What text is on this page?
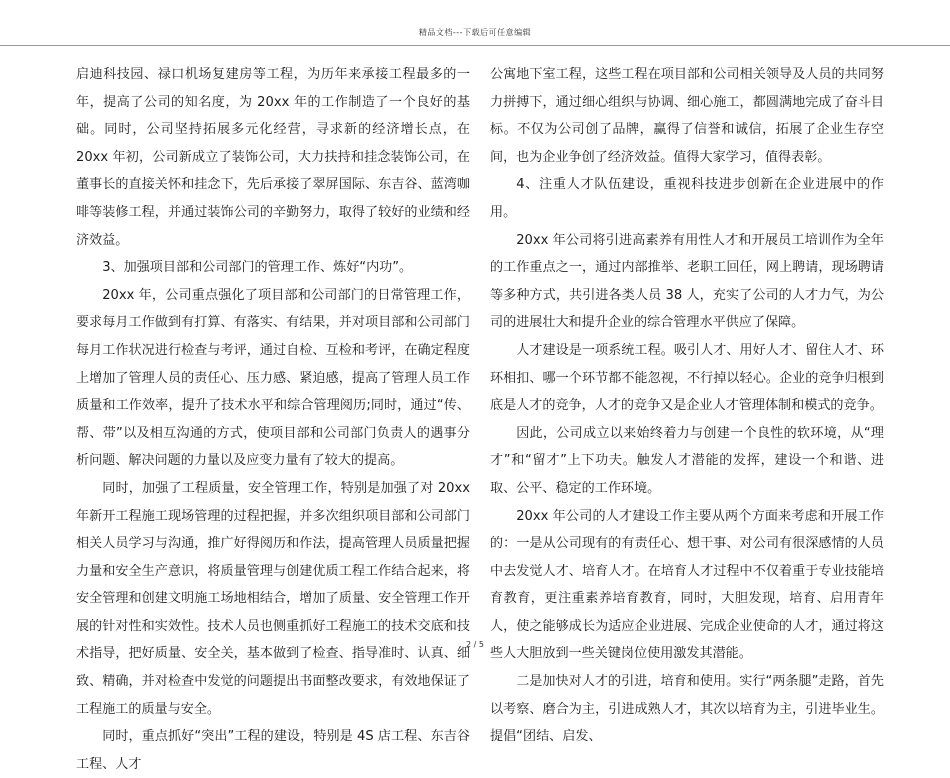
精品文档---下载后可任意编辑

启迪科技园、禄口机场复建房等工程，为历年来承接工程最多的一年，提高了公司的知名度，为 20xx 年的工作制造了一个良好的基础。同时，公司坚持拓展多元化经营，寻求新的经济增长点，在 20xx 年初，公司新成立了装饰公司，大力扶持和挂念装饰公司，在董事长的直接关怀和挂念下，先后承接了翠屏国际、东吉谷、蓝湾咖啡等装修工程，并通过装饰公司的辛勤努力，取得了较好的业绩和经济效益。

3、加强项目部和公司部门的管理工作、炼好“内功”。

20xx 年，公司重点强化了项目部和公司部门的日常管理工作，要求每月工作做到有打算、有落实、有结果，并对项目部和公司部门每月工作状况进行检查与考评，通过自检、互检和考评，在确定程度上增加了管理人员的责任心、压力感、紧迫感，提高了管理人员工作质量和工作效率，提升了技术水平和综合管理阅历;同时，通过“传、帮、带”以及相互沟通的方式，使项目部和公司部门负责人的遇事分析问题、解决问题的力量以及应变力量有了较大的提高。

同时，加强了工程质量，安全管理工作，特别是加强了对 20xx 年新开工程施工现场管理的过程把握，并多次组织项目部和公司部门相关人员学习与沟通，推广好得阅历和作法，提高管理人员质量把握力量和安全生产意识，将质量管理与创建优质工程工作结合起来，将安全管理和创建文明施工场地相结合，增加了质量、安全管理工作开展的针对性和实效性。技术人员也侧重抓好工程施工的技术交底和技术指导，把好质量、安全关，基本做到了检查、指导准时、认真、细致、精确，并对检查中发觉的问题提出书面整改要求，有效地保证了工程施工的质量与安全。

同时，重点抓好“突出”工程的建设，特别是 4S 店工程、东吉谷工程、人才

公寓地下室工程，这些工程在项目部和公司相关领导及人员的共同努力拼搏下，通过细心组织与协调、细心施工，都圆满地完成了奋斗目标。不仅为公司创了品牌，赢得了信誉和诚信，拓展了企业生存空间，也为企业争创了经济效益。值得大家学习，值得表彰。

4、注重人才队伍建设，重视科技进步创新在企业进展中的作用。

20xx 年公司将引进高素养有用性人才和开展员工培训作为全年的工作重点之一，通过内部推举、老职工回任，网上聘请，现场聘请等多种方式，共引进各类人员 38 人，充实了公司的人才力气，为公司的进展壮大和提升企业的综合管理水平供应了保障。

人才建设是一项系统工程。吸引人才、用好人才、留住人才、环环相扣、哪一个环节都不能忽视，不行掉以轻心。企业的竞争归根到底是人才的竞争，人才的竞争又是企业人才管理体制和模式的竞争。

因此，公司成立以来始终着力与创建一个良性的软环境，从“理才”和“留才”上下功夫。触发人才潜能的发挥，建设一个和谐、进取、公平、稳定的工作环境。

20xx 年公司的人才建设工作主要从两个方面来考虑和开展工作的：一是从公司现有的有责任心、想干事、对公司有很深感情的人员中去发觉人才、培育人才。在培育人才过程中不仅着重于专业技能培育教育，更注重素养培育教育，同时，大胆发现，培育、启用青年人，使之能够成长为适应企业进展、完成企业使命的人才，通过将这些人大胆放到一些关键岗位使用激发其潜能。

二是加快对人才的引进，培育和使用。实行“两条腿”走路，首先以考察、磨合为主，引进成熟人才，其次以培育为主，引进毕业生。提倡“团结、启发、

2 / 5
